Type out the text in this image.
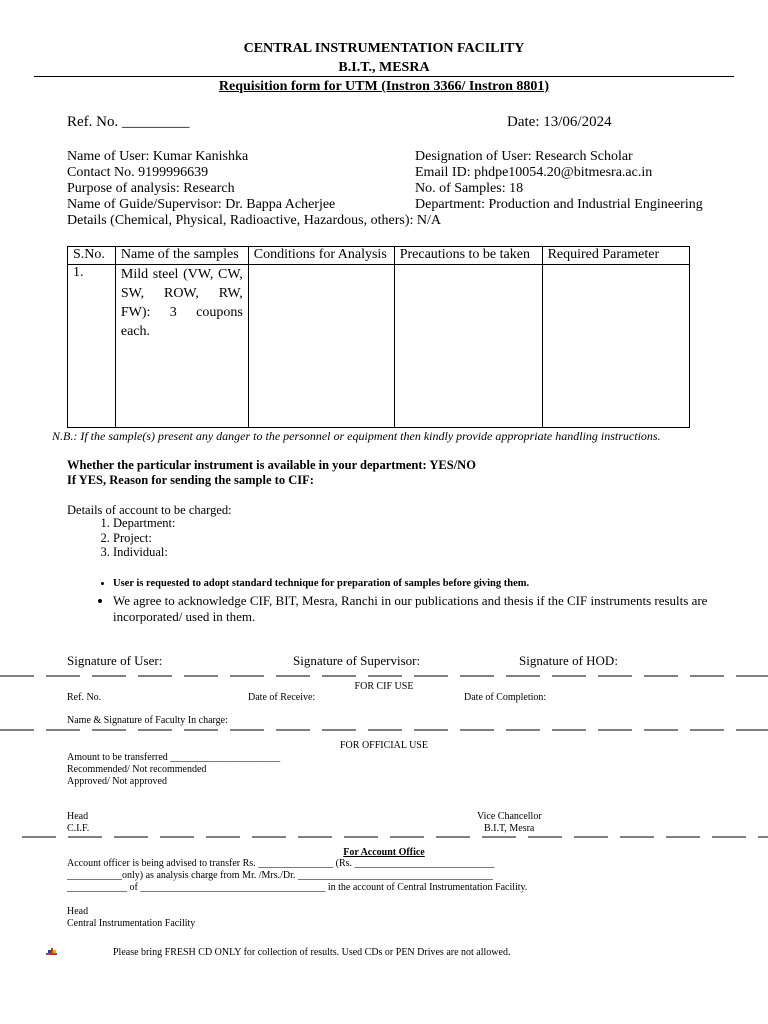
CENTRAL INSTRUMENTATION FACILITY
B.I.T., MESRA
Requisition form for UTM (Instron 3366/ Instron 8801)
Ref. No. _________	Date: 13/06/2024
Name of User: Kumar Kanishka	Designation of User: Research Scholar
Contact No. 9199996639	Email ID: phdpe10054.20@bitmesra.ac.in
Purpose of analysis: Research	No. of Samples: 18
Name of Guide/Supervisor: Dr. Bappa Acherjee	Department: Production and Industrial Engineering
Details (Chemical, Physical, Radioactive, Hazardous, others): N/A
S.No.	Name of the samples	Conditions for Analysis	Precautions to be taken	Required Parameter
1.	Mild steel (VW, CW, SW, ROW, RW, FW): 3 coupons each.			
N.B.: If the sample(s) present any danger to the personnel or equipment then kindly provide appropriate handling instructions.
Whether the particular instrument is available in your department: YES/NO
If YES, Reason for sending the sample to CIF:
Details of account to be charged:
1. Department:
2. Project:
3. Individual:
• User is requested to adopt standard technique for preparation of samples before giving them.
• We agree to acknowledge CIF, BIT, Mesra, Ranchi in our publications and thesis if the CIF instruments results are incorporated/ used in them.
Signature of User:	Signature of Supervisor:	Signature of HOD:
FOR CIF USE
Ref. No.	Date of Receive:	Date of Completion:
Name & Signature of Faculty In charge:
FOR OFFICIAL USE
Amount to be transferred ______________________
Recommended/ Not recommended
Approved/ Not approved
Head
C.I.F.
Vice Chancellor
B.I.T, Mesra
For Account Office
Account officer is being advised to transfer Rs. _______________ (Rs. ____________________________
___________only) as analysis charge from Mr. /Mrs./Dr. _______________________________________
____________ of _____________________________________ in the account of Central Instrumentation Facility.
Head
Central Instrumentation Facility
Please bring FRESH CD ONLY for collection of results. Used CDs or PEN Drives are not allowed.
